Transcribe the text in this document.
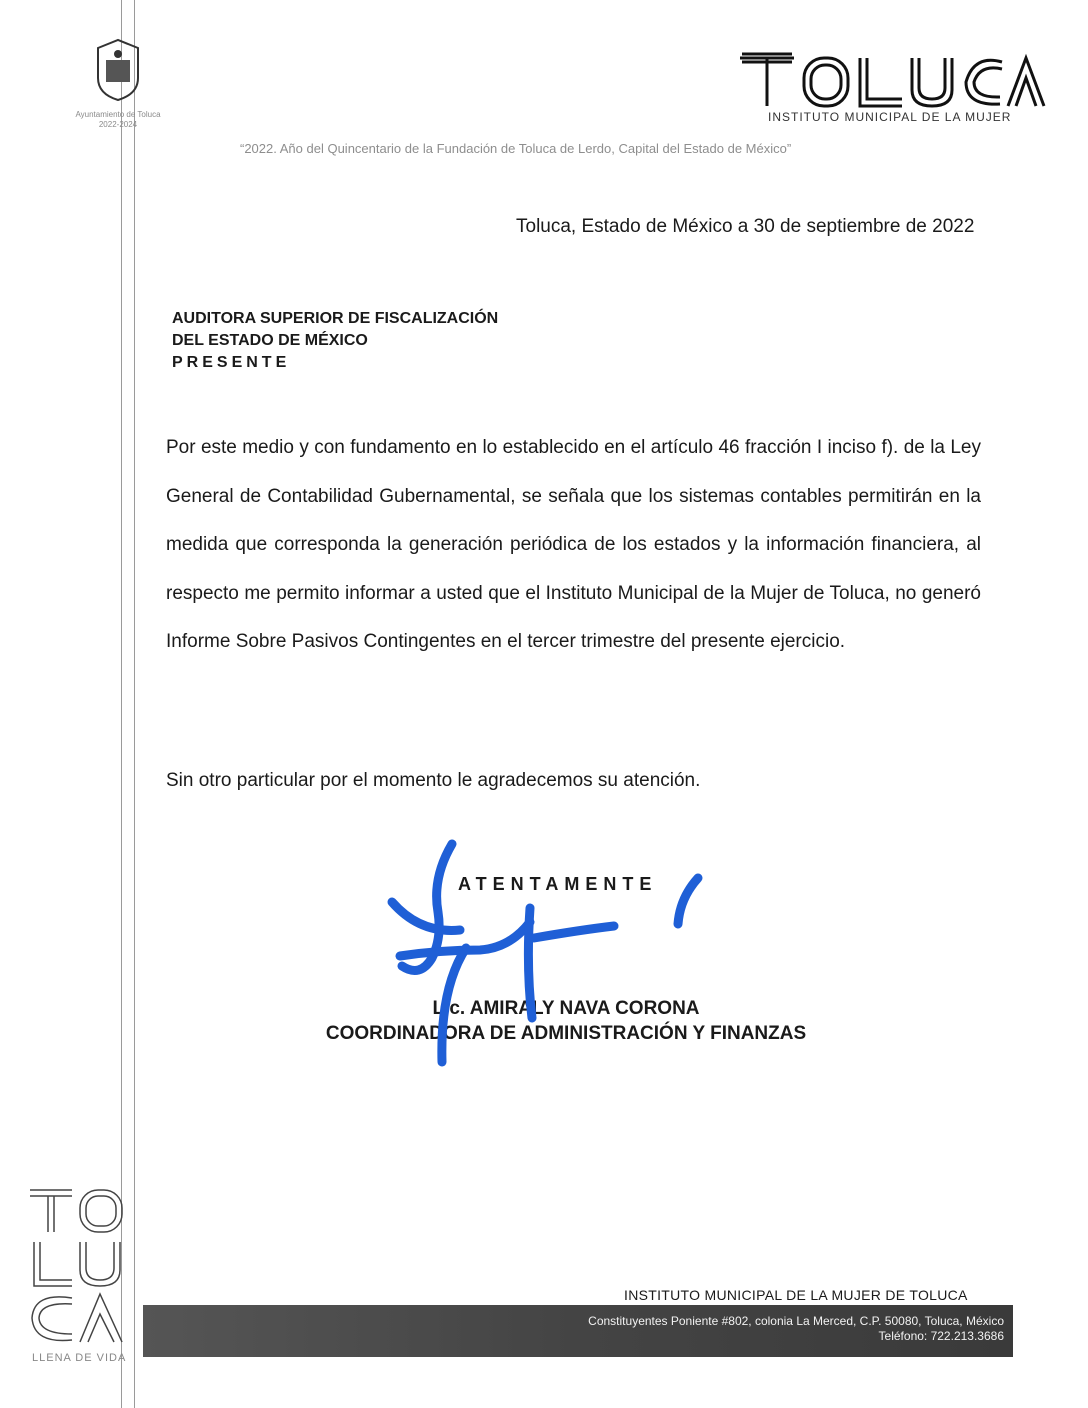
Ayuntamiento de Toluca
2022-2024
INSTITUTO MUNICIPAL DE LA MUJER
“2022. Año del Quincentario de la Fundación de Toluca de Lerdo, Capital del Estado de México”
Toluca, Estado de México a 30 de septiembre de 2022
AUDITORA SUPERIOR DE FISCALIZACIÓN
DEL ESTADO DE MÉXICO
PRESENTE
Por este medio y con fundamento en lo establecido en el artículo 46 fracción I inciso f). de la Ley General de Contabilidad Gubernamental, se señala que los sistemas contables permitirán en la medida que corresponda la generación periódica de los estados y la información financiera, al respecto me permito informar a usted que el Instituto Municipal de la Mujer de Toluca, no generó Informe Sobre Pasivos Contingentes en el tercer trimestre del presente ejercicio.
Sin otro particular por el momento le agradecemos su atención.
ATENTAMENTE
Lic. AMIRALY NAVA CORONA
COORDINADORA DE ADMINISTRACIÓN Y FINANZAS
LLENA DE VIDA
INSTITUTO MUNICIPAL DE LA MUJER DE TOLUCA
Constituyentes Poniente #802, colonia La Merced, C.P. 50080, Toluca, México
Teléfono: 722.213.3686
